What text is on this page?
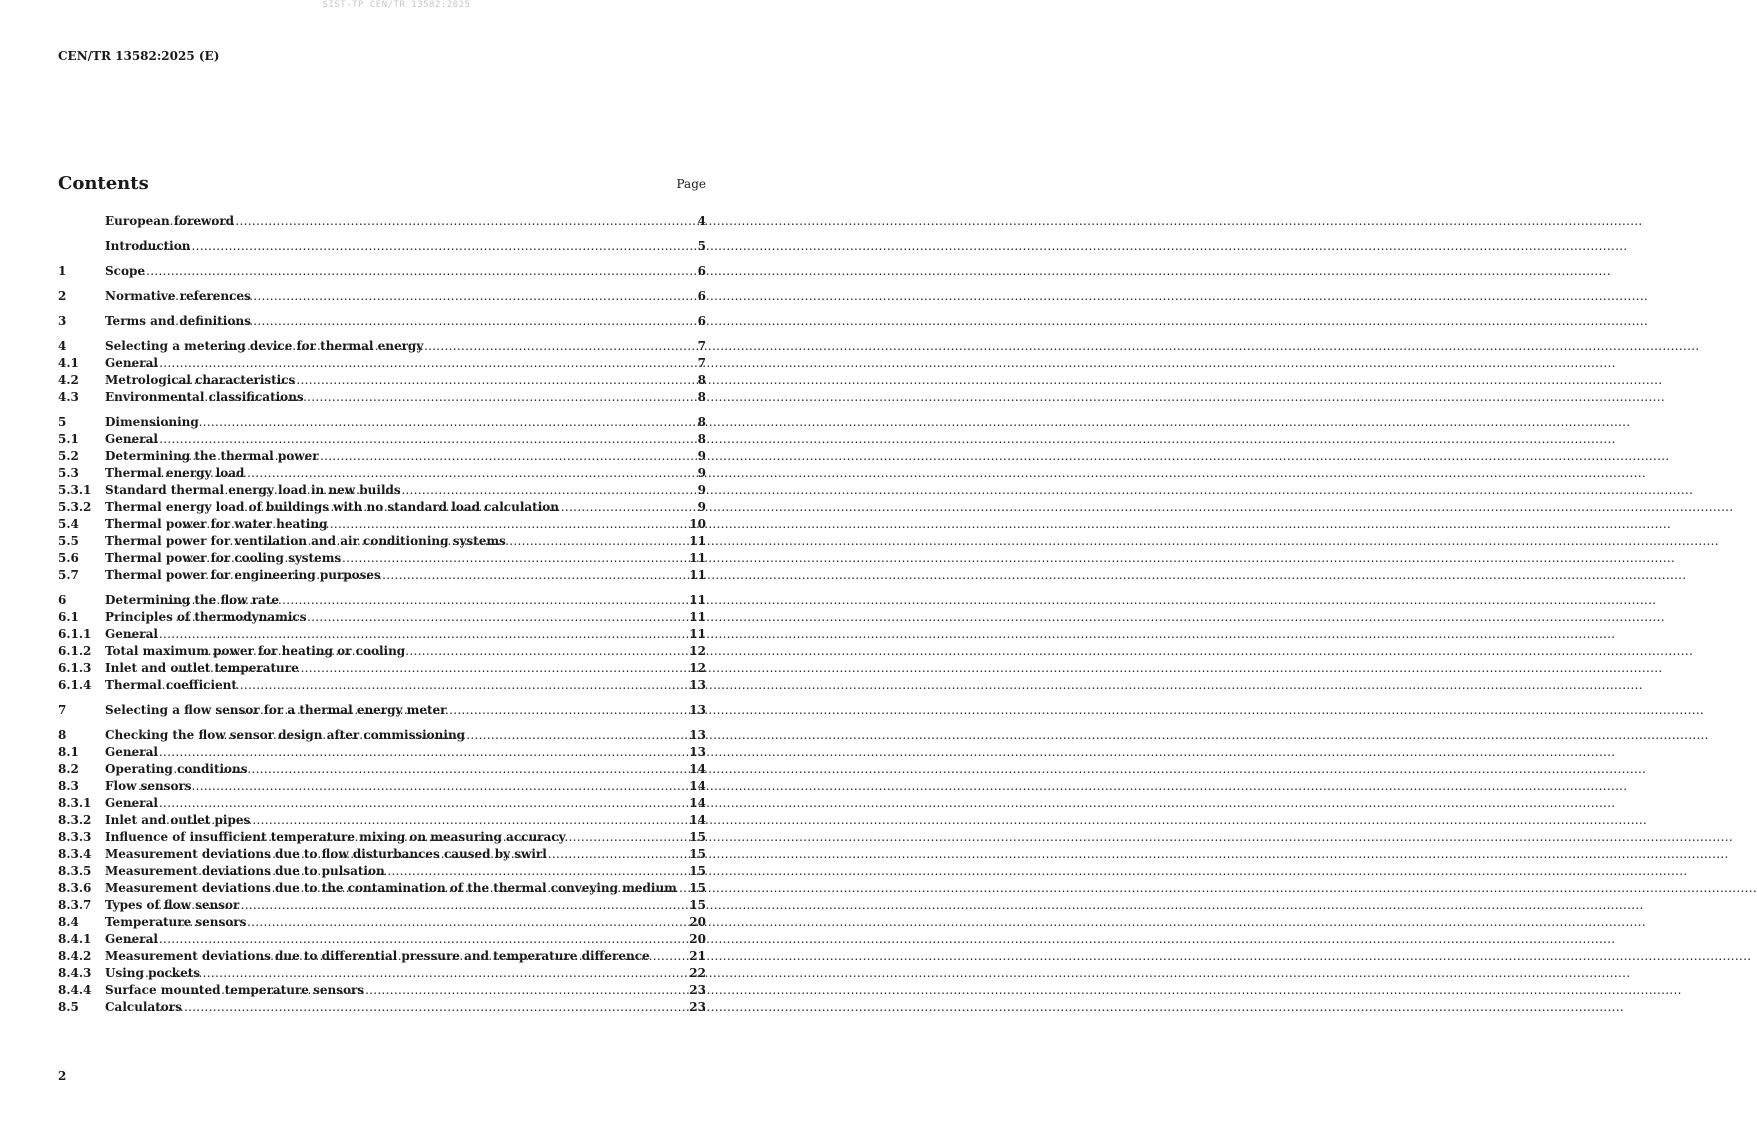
SIST-TP CEN/TR 13582:2025
CEN/TR 13582:2025 (E)
Contents	Page
European foreword .....	4
Introduction .....	5
1	Scope .....	6
2	Normative references .....	6
3	Terms and definitions .....	6
4	Selecting a metering device for thermal energy .....	7
4.1	General .....	7
4.2	Metrological characteristics .....	8
4.3	Environmental classifications .....	8
5	Dimensioning .....	8
5.1	General .....	8
5.2	Determining the thermal power .....	9
5.3	Thermal energy load .....	9
5.3.1	Standard thermal energy load in new builds .....	9
5.3.2	Thermal energy load of buildings with no standard load calculation .....	9
5.4	Thermal power for water heating .....	10
5.5	Thermal power for ventilation and air conditioning systems .....	11
5.6	Thermal power for cooling systems .....	11
5.7	Thermal power for engineering purposes .....	11
6	Determining the flow rate .....	11
6.1	Principles of thermodynamics .....	11
6.1.1	General .....	11
6.1.2	Total maximum power for heating or cooling .....	12
6.1.3	Inlet and outlet temperature .....	12
6.1.4	Thermal coefficient .....	13
7	Selecting a flow sensor for a thermal energy meter .....	13
8	Checking the flow sensor design after commissioning .....	13
8.1	General .....	13
8.2	Operating conditions .....	14
8.3	Flow sensors .....	14
8.3.1	General .....	14
8.3.2	Inlet and outlet pipes .....	14
8.3.3	Influence of insufficient temperature mixing on measuring accuracy .....	15
8.3.4	Measurement deviations due to flow disturbances caused by swirl .....	15
8.3.5	Measurement deviations due to pulsation .....	15
8.3.6	Measurement deviations due to the contamination of the thermal conveying medium ..... 15
8.3.7	Types of flow sensor .....	15
8.4	Temperature sensors .....	20
8.4.1	General .....	20
8.4.2	Measurement deviations due to differential pressure and temperature difference .....	21
8.4.3	Using pockets .....	22
8.4.4	Surface mounted temperature sensors .....	23
8.5	Calculators .....	23
2
